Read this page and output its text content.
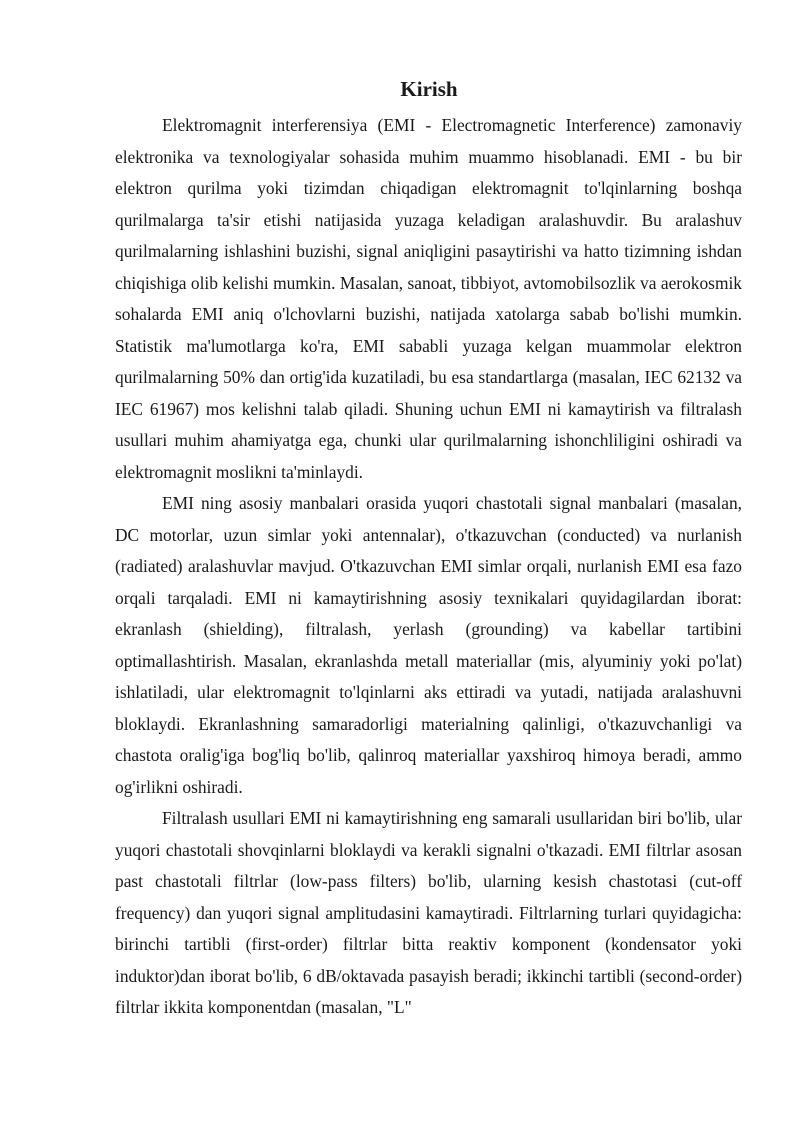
Kirish

Elektromagnit interferensiya (EMI - Electromagnetic Interference) zamonaviy elektronika va texnologiyalar sohasida muhim muammo hisoblanadi. EMI - bu bir elektron qurilma yoki tizimdan chiqadigan elektromagnit to'lqinlarning boshqa qurilmalarga ta'sir etishi natijasida yuzaga keladigan aralashuvdir. Bu aralashuv qurilmalarning ishlashini buzishi, signal aniqligini pasaytirishi va hatto tizimning ishdan chiqishiga olib kelishi mumkin. Masalan, sanoat, tibbiyot, avtomobilsozlik va aerokosmik sohalarda EMI aniq o'lchovlarni buzishi, natijada xatolarga sabab bo'lishi mumkin. Statistik ma'lumotlarga ko'ra, EMI sababli yuzaga kelgan muammolar elektron qurilmalarning 50% dan ortig'ida kuzatiladi, bu esa standartlarga (masalan, IEC 62132 va IEC 61967) mos kelishni talab qiladi. Shuning uchun EMI ni kamaytirish va filtralash usullari muhim ahamiyatga ega, chunki ular qurilmalarning ishonchliligini oshiradi va elektromagnit moslikni ta'minlaydi.

EMI ning asosiy manbalari orasida yuqori chastotali signal manbalari (masalan, DC motorlar, uzun simlar yoki antennalar), o'tkazuvchan (conducted) va nurlanish (radiated) aralashuvlar mavjud. O'tkazuvchan EMI simlar orqali, nurlanish EMI esa fazo orqali tarqaladi. EMI ni kamaytirishning asosiy texnikalari quyidagilardan iborat: ekranlash (shielding), filtralash, yerlash (grounding) va kabellar tartibini optimallashtirish. Masalan, ekranlashda metall materiallar (mis, alyuminiy yoki po'lat) ishlatiladi, ular elektromagnit to'lqinlarni aks ettiradi va yutadi, natijada aralashuvni bloklaydi. Ekranlashning samaradorligi materialning qalinligi, o'tkazuvchanligi va chastota oralig'iga bog'liq bo'lib, qalinroq materiallar yaxshiroq himoya beradi, ammo og'irlikni oshiradi.

Filtralash usullari EMI ni kamaytirishning eng samarali usullaridan biri bo'lib, ular yuqori chastotali shovqinlarni bloklaydi va kerakli signalni o'tkazadi. EMI filtrlar asosan past chastotali filtrlar (low-pass filters) bo'lib, ularning kesish chastotasi (cut-off frequency) dan yuqori signal amplitudasini kamaytiradi. Filtrlarning turlari quyidagicha: birinchi tartibli (first-order) filtrlar bitta reaktiv komponent (kondensator yoki induktor)dan iborat bo'lib, 6 dB/oktavada pasayish beradi; ikkinchi tartibli (second-order) filtrlar ikkita komponentdan (masalan, "L"
